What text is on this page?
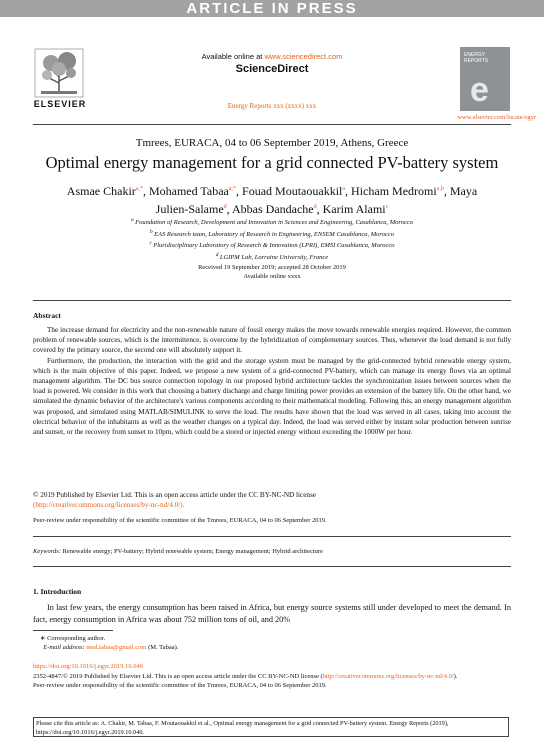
ARTICLE IN PRESS
ELSEVIER
Available online at www.sciencedirect.com
ScienceDirect
Energy Reports xxx (xxxx) xxx
ENERGY
REPORTS
e
www.elsevier.com/locate/egyr
Tmrees, EURACA, 04 to 06 September 2019, Athens, Greece
Optimal energy management for a grid connected PV-battery system
Asmae Chakir$^{a,*}$, Mohamed Tabaa$^{a,*}$, Fouad Moutaouakkil$^a$, Hicham Medromi$^{a,b}$, Maya Julien-Salame$^d$, Abbas Dandache$^d$, Karim Alami$^c$
$^a$ Foundation of Research, Development and Innovation in Sciences and Engineering, Casablanca, Morocco
$^b$ EAS Research team, Laboratory of Research in Engineering, ENSEM Casablanca, Morocco
$^c$ Pluridisciplinary Laboratory of Research & Innovation (LPRI), EMSI Casablanca, Morocco
$^d$ LGIPM Lab, Lorraine University, France
Received 19 September 2019; accepted 28 October 2019
Available online xxxx
Abstract

The increase demand for electricity and the non-renewable nature of fossil energy makes the move towards renewable energies required. However, the common problem of renewable sources, which is the intermittence, is overcome by the hybridization of complementary sources. Thus, whenever the load demand is not fully covered by the primary source, the second one will absolutely support it.

Furthermore, the production, the interaction with the grid and the storage system must be managed by the grid-connected hybrid renewable energy system, which is the main objective of this paper. Indeed, we propose a new system of a grid-connected PV-battery, which can manage its energy flows via an optimal management algorithm. The DC bus source connection topology in our proposed hybrid architecture tackles the synchronization issues between sources when the load is powered. We consider in this work that choosing a battery discharge and charge limiting power provides an extension of the battery life. On the other hand, we simulated the dynamic behavior of the architecture's various components according to their mathematical modeling. Following this, an energy management algorithm was proposed, and simulated using MATLAB/SIMULINK to serve the load. The results have shown that the load was served in all cases, taking into account the electrical behavior of the inhabitants as well as the weather changes on a typical day. Indeed, the load was served either by instant solar production between sunrise and sunset, or the recovery from sunset to 10pm, which could be a stored or injected energy without exceeding the 1000W per hour.

© 2019 Published by Elsevier Ltd. This is an open access article under the CC BY-NC-ND license
(http://creativecommons.org/licenses/by-nc-nd/4.0/).
Peer-review under responsibility of the scientific committee of the Tmrees, EURACA, 04 to 06 September 2019.
Keywords: Renewable energy; PV-battery; Hybrid renewable system; Energy management; Hybrid architecture
1. Introduction
In last few years, the energy consumption has been raised in Africa, but energy source systems still under developed to meet the demand. In fact, energy consumption in Africa was about 752 million tons of oil, and 20%
∗ Corresponding author.
E-mail address: med.tabaa@gmail.com (M. Tabaa).
https://doi.org/10.1016/j.egyr.2019.10.040
2352-4847/© 2019 Published by Elsevier Ltd. This is an open access article under the CC BY-NC-ND license (http://creativecommons.org/licenses/by-nc-nd/4.0/).
Peer-review under responsibility of the scientific committee of the Tmrees, EURACA, 04 to 06 September 2019.
Please cite this article as: A. Chakir, M. Tabaa, F. Moutaouakkil et al., Optimal energy management for a grid connected PV-battery system. Energy Reports (2019), https://doi.org/10.1016/j.egyr.2019.10.040.
